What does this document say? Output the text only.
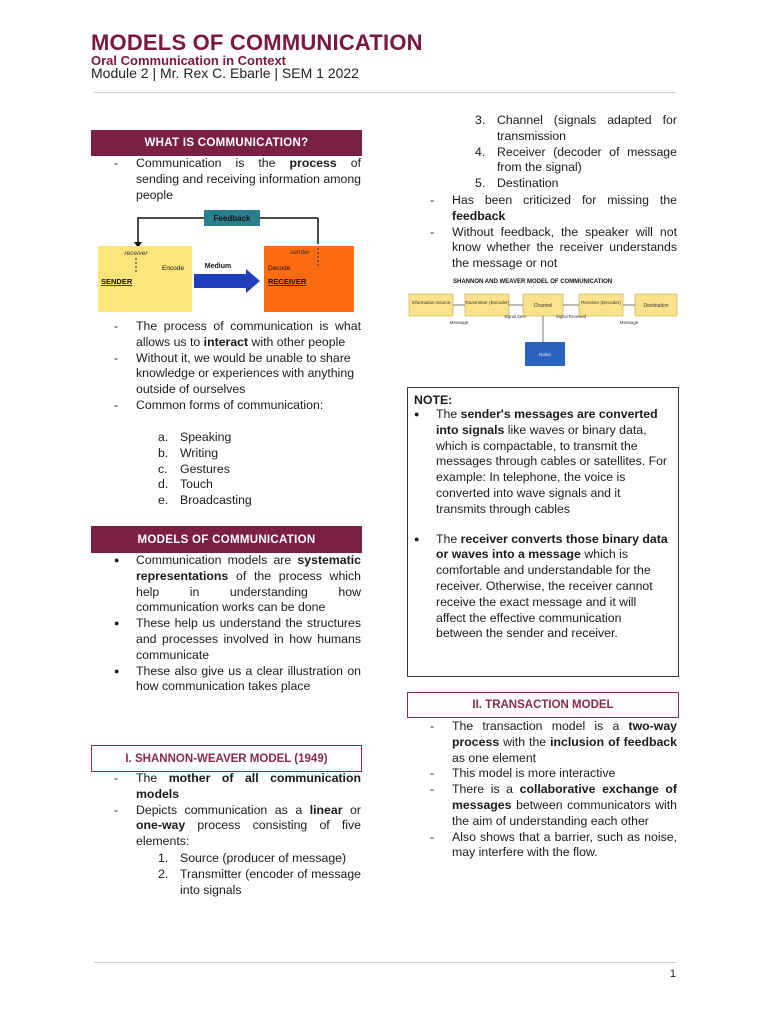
MODELS OF COMMUNICATION
Oral Communication in Context
Module 2 | Mr. Rex C. Ebarle | SEM 1 2022
WHAT IS COMMUNICATION?
- Communication is the process of sending and receiving information among people
Feedback
receiver
SENDER
Encode	Medium
sender
Decode
RECEIVER
- The process of communication is what allows us to interact with other people
- Without it, we would be unable to share knowledge or experiences with anything outside of ourselves
- Common forms of communication:
a. Speaking
b. Writing
c. Gestures
d. Touch
e. Broadcasting
MODELS OF COMMUNICATION
● Communication models are systematic representations of the process which help in understanding how communication works can be done
● These help us understand the structures and processes involved in how humans communicate
● These also give us a clear illustration on how communication takes place
I. SHANNON-WEAVER MODEL (1949)
- The mother of all communication models
- Depicts communication as a linear or one-way process consisting of five elements:
1. Source (producer of message)
2. Transmitter (encoder of message into signals
3. Channel (signals adapted for transmission
4. Receiver (decoder of message from the signal)
5. Destination
- Has been criticized for missing the feedback
- Without feedback, the speaker will not know whether the receiver understands the message or not
SHANNON AND WEAVER MODEL OF COMMUNICATION
Information Source	Transmitter (Encoder)
Channel
Receiver (Decoder)
Destination
Message
Signal Sent	Signal Received
Message
Noise
NOTE:
● The sender's messages are converted into signals like waves or binary data, which is compactable, to transmit the messages through cables or satellites. For example: In telephone, the voice is converted into wave signals and it transmits through cables
● The receiver converts those binary data or waves into a message which is comfortable and understandable for the receiver. Otherwise, the receiver cannot receive the exact message and it will affect the effective communication between the sender and receiver.
II. TRANSACTION MODEL
- The transaction model is a two-way process with the inclusion of feedback as one element
- This model is more interactive
- There is a collaborative exchange of messages between communicators with the aim of understanding each other
- Also shows that a barrier, such as noise, may interfere with the flow.
1
